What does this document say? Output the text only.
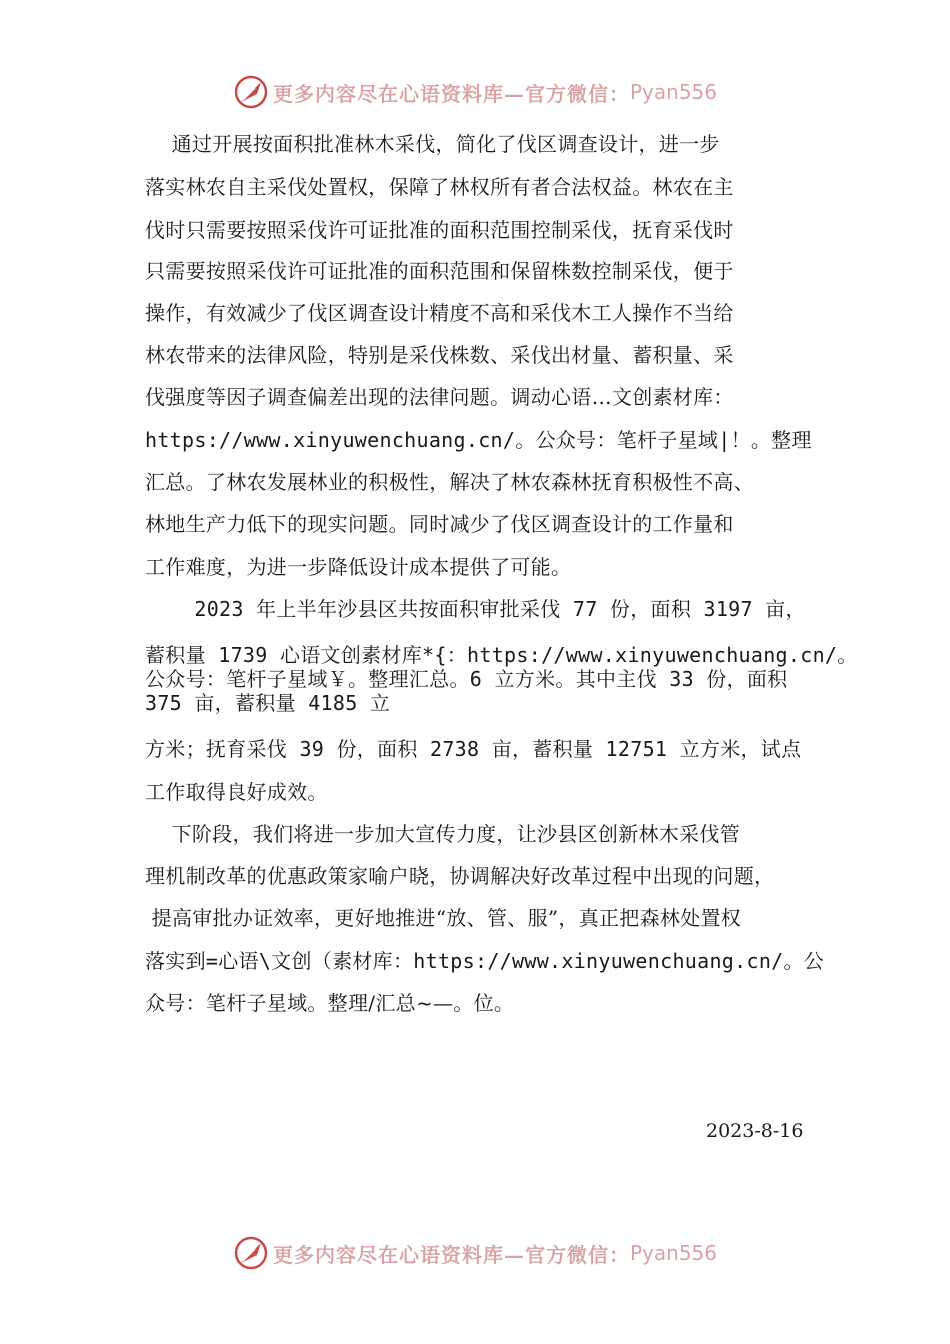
更多内容尽在心语资料库—官方微信： Pyan556
通过开展按面积批准林木采伐，简化了伐区调查设计，进一步
落实林农自主采伐处置权，保障了林权所有者合法权益。林农在主
伐时只需要按照采伐许可证批准的面积范围控制采伐，抚育采伐时
只需要按照采伐许可证批准的面积范围和保留株数控制采伐，便于
操作，有效减少了伐区调查设计精度不高和采伐木工人操作不当给
林农带来的法律风险，特别是采伐株数、采伐出材量、蓄积量、采
伐强度等因子调查偏差出现的法律问题。调动心语…文创素材库：
https://www.xinyuwenchuang.cn/。公众号：笔杆子星域|！。整理
汇总。了林农发展林业的积极性，解决了林农森林抚育积极性不高、
林地生产力低下的现实问题。同时减少了伐区调查设计的工作量和
工作难度，为进一步降低设计成本提供了可能。
2023 年上半年沙县区共按面积审批采伐 77 份，面积 3197 亩，
蓄积量 1739 心语文创素材库*{：https://www.xinyuwenchuang.cn/。
公众号：笔杆子星域￥。整理汇总。6 立方米。其中主伐 33 份，面积
375 亩，蓄积量 4185 立
方米；抚育采伐 39 份，面积 2738 亩，蓄积量 12751 立方米，试点
工作取得良好成效。
下阶段，我们将进一步加大宣传力度，让沙县区创新林木采伐管
理机制改革的优惠政策家喻户晓，协调解决好改革过程中出现的问题，
提高审批办证效率，更好地推进“放、管、服”，真正把森林处置权
落实到=心语\文创（素材库：https://www.xinyuwenchuang.cn/。公
众号：笔杆子星域。整理/汇总~—。位。
2023-8-16
更多内容尽在心语资料库—官方微信： Pyan556
